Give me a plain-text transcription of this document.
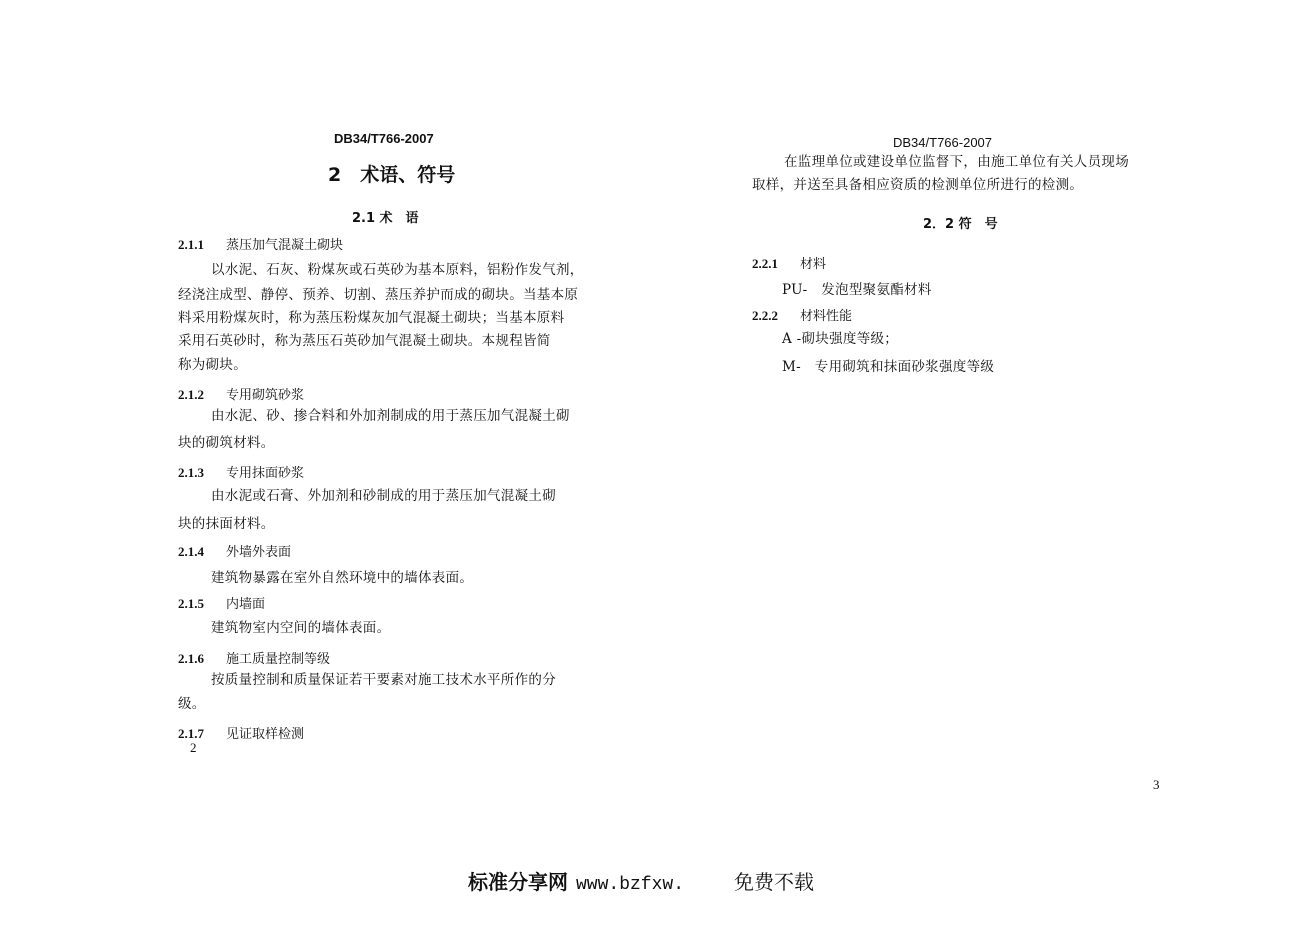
DB34/T766-2007
2　术语、符号
2.1 术　语
2.1.1 蒸压加气混凝土砌块
以水泥、石灰、粉煤灰或石英砂为基本原料，铝粉作发气剂，
经浇注成型、静停、预养、切割、蒸压养护而成的砌块。当基本原
料采用粉煤灰时，称为蒸压粉煤灰加气混凝土砌块；当基本原料
采用石英砂时，称为蒸压石英砂加气混凝土砌块。本规程皆简
称为砌块。
2.1.2 专用砌筑砂浆
由水泥、砂、掺合料和外加剂制成的用于蒸压加气混凝土砌
块的砌筑材料。
2.1.3 专用抹面砂浆
由水泥或石膏、外加剂和砂制成的用于蒸压加气混凝土砌
块的抹面材料。
2.1.4 外墙外表面
建筑物暴露在室外自然环境中的墙体表面。
2.1.5 内墙面
建筑物室内空间的墙体表面。
2.1.6 施工质量控制等级
按质量控制和质量保证若干要素对施工技术水平所作的分
级。
2.1.7 见证取样检测
2
DB34/T766-2007
在监理单位或建设单位监督下，由施工单位有关人员现场
取样，并送至具备相应资质的检测单位所进行的检测。
2．2 符　号
2.2.1 材料
PU-　发泡型聚氨酯材料
2.2.2 材料性能
A -砌块强度等级；
M-　专用砌筑和抹面砂浆强度等级
3
标准分享网 www.bzfxw.	免费不载
